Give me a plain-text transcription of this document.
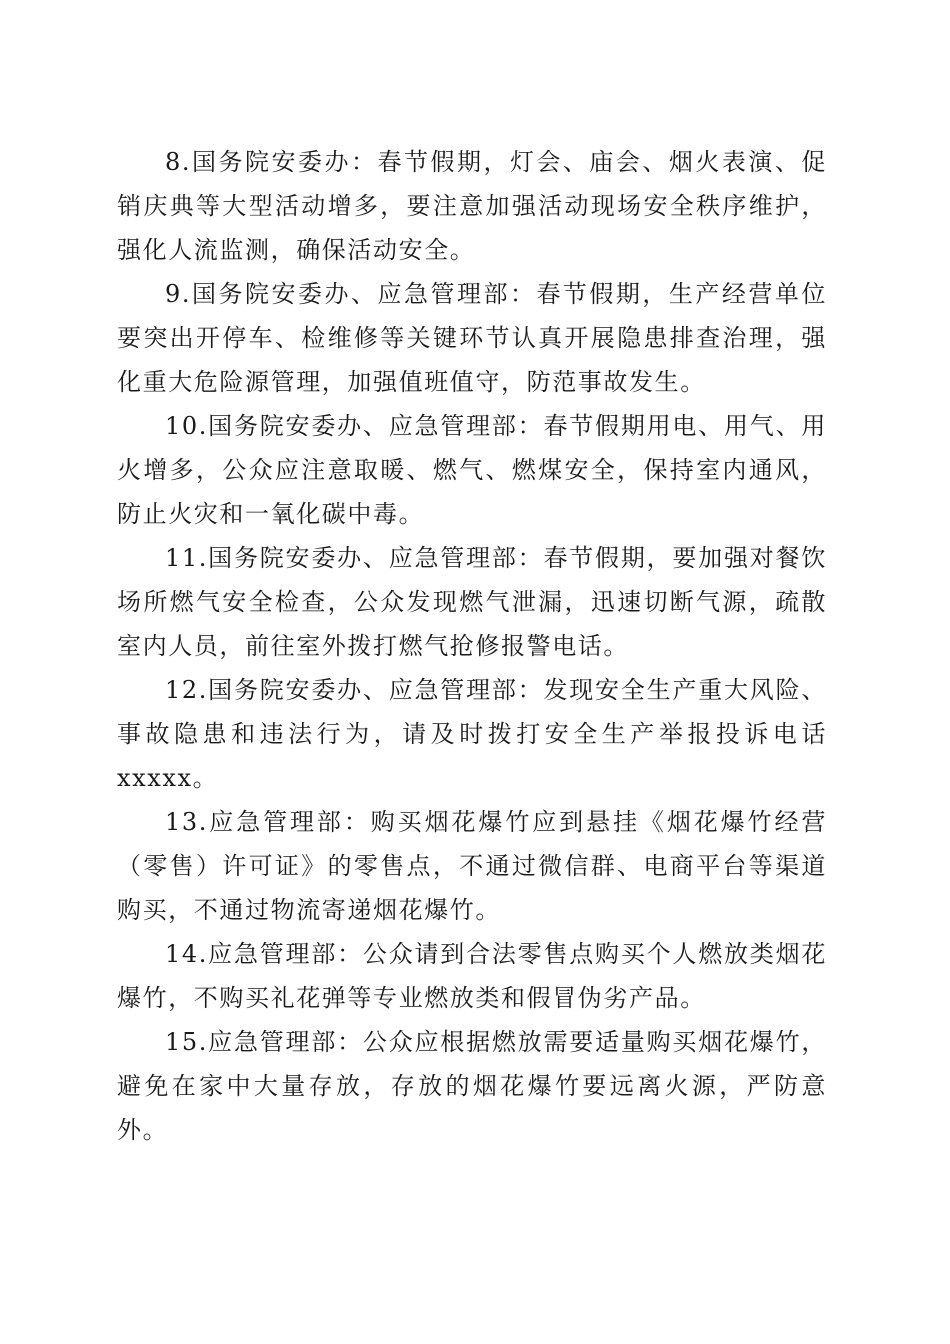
8.国务院安委办：春节假期，灯会、庙会、烟火表演、促销庆典等大型活动增多，要注意加强活动现场安全秩序维护，强化人流监测，确保活动安全。

9.国务院安委办、应急管理部：春节假期，生产经营单位要突出开停车、检维修等关键环节认真开展隐患排查治理，强化重大危险源管理，加强值班值守，防范事故发生。

10.国务院安委办、应急管理部：春节假期用电、用气、用火增多，公众应注意取暖、燃气、燃煤安全，保持室内通风，防止火灾和一氧化碳中毒。

11.国务院安委办、应急管理部：春节假期，要加强对餐饮场所燃气安全检查，公众发现燃气泄漏，迅速切断气源，疏散室内人员，前往室外拨打燃气抢修报警电话。

12.国务院安委办、应急管理部：发现安全生产重大风险、事故隐患和违法行为，请及时拨打安全生产举报投诉电话xxxxx。

13.应急管理部：购买烟花爆竹应到悬挂《烟花爆竹经营（零售）许可证》的零售点，不通过微信群、电商平台等渠道购买，不通过物流寄递烟花爆竹。

14.应急管理部：公众请到合法零售点购买个人燃放类烟花爆竹，不购买礼花弹等专业燃放类和假冒伪劣产品。

15.应急管理部：公众应根据燃放需要适量购买烟花爆竹，避免在家中大量存放，存放的烟花爆竹要远离火源，严防意外。
